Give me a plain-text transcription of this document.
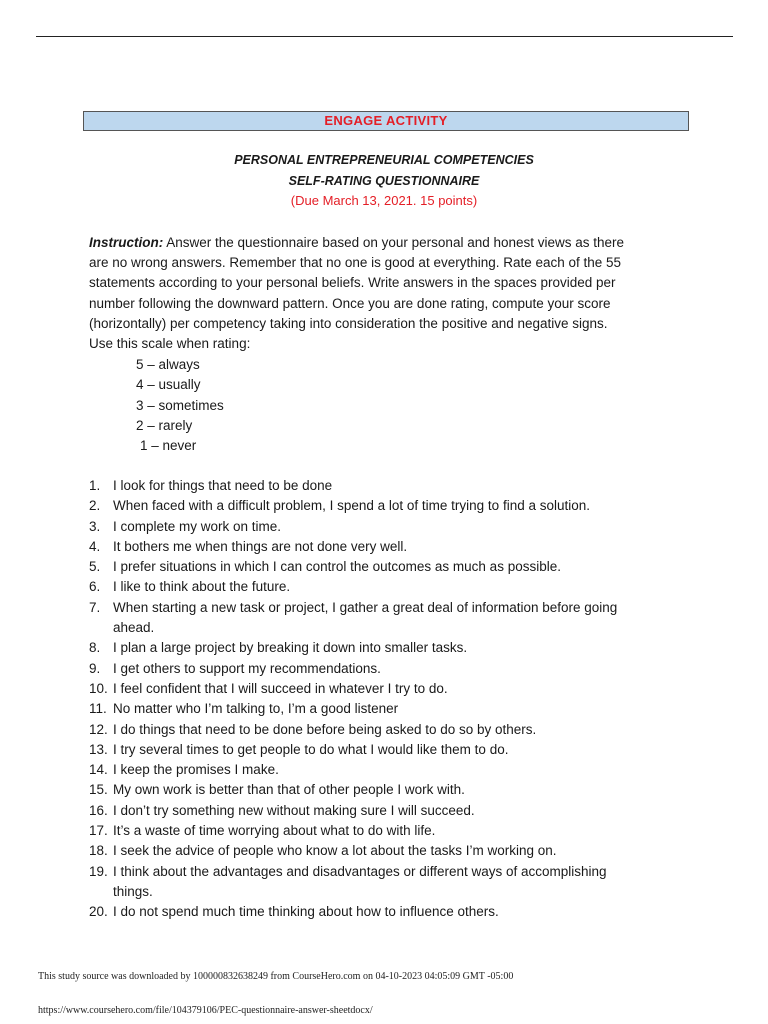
ENGAGE ACTIVITY
PERSONAL ENTREPRENEURIAL COMPETENCIES
SELF-RATING QUESTIONNAIRE
(Due March 13, 2021. 15 points)
Instruction: Answer the questionnaire based on your personal and honest views as there
are no wrong answers. Remember that no one is good at everything. Rate each of the 55
statements according to your personal beliefs. Write answers in the spaces provided per
number following the downward pattern. Once you are done rating, compute your score
(horizontally) per competency taking into consideration the positive and negative signs.
Use this scale when rating:
5 – always
4 – usually
3 – sometimes
2 – rarely
1 – never
1. I look for things that need to be done
2. When faced with a difficult problem, I spend a lot of time trying to find a solution.
3. I complete my work on time.
4. It bothers me when things are not done very well.
5. I prefer situations in which I can control the outcomes as much as possible.
6. I like to think about the future.
7. When starting a new task or project, I gather a great deal of information before going
ahead.
8. I plan a large project by breaking it down into smaller tasks.
9. I get others to support my recommendations.
10. I feel confident that I will succeed in whatever I try to do.
11. No matter who I’m talking to, I’m a good listener
12. I do things that need to be done before being asked to do so by others.
13. I try several times to get people to do what I would like them to do.
14. I keep the promises I make.
15. My own work is better than that of other people I work with.
16. I don’t try something new without making sure I will succeed.
17. It’s a waste of time worrying about what to do with life.
18. I seek the advice of people who know a lot about the tasks I’m working on.
19. I think about the advantages and disadvantages or different ways of accomplishing
things.
20. I do not spend much time thinking about how to influence others.
This study source was downloaded by 100000832638249 from CourseHero.com on 04-10-2023 04:05:09 GMT -05:00
https://www.coursehero.com/file/104379106/PEC-questionnaire-answer-sheetdocx/
